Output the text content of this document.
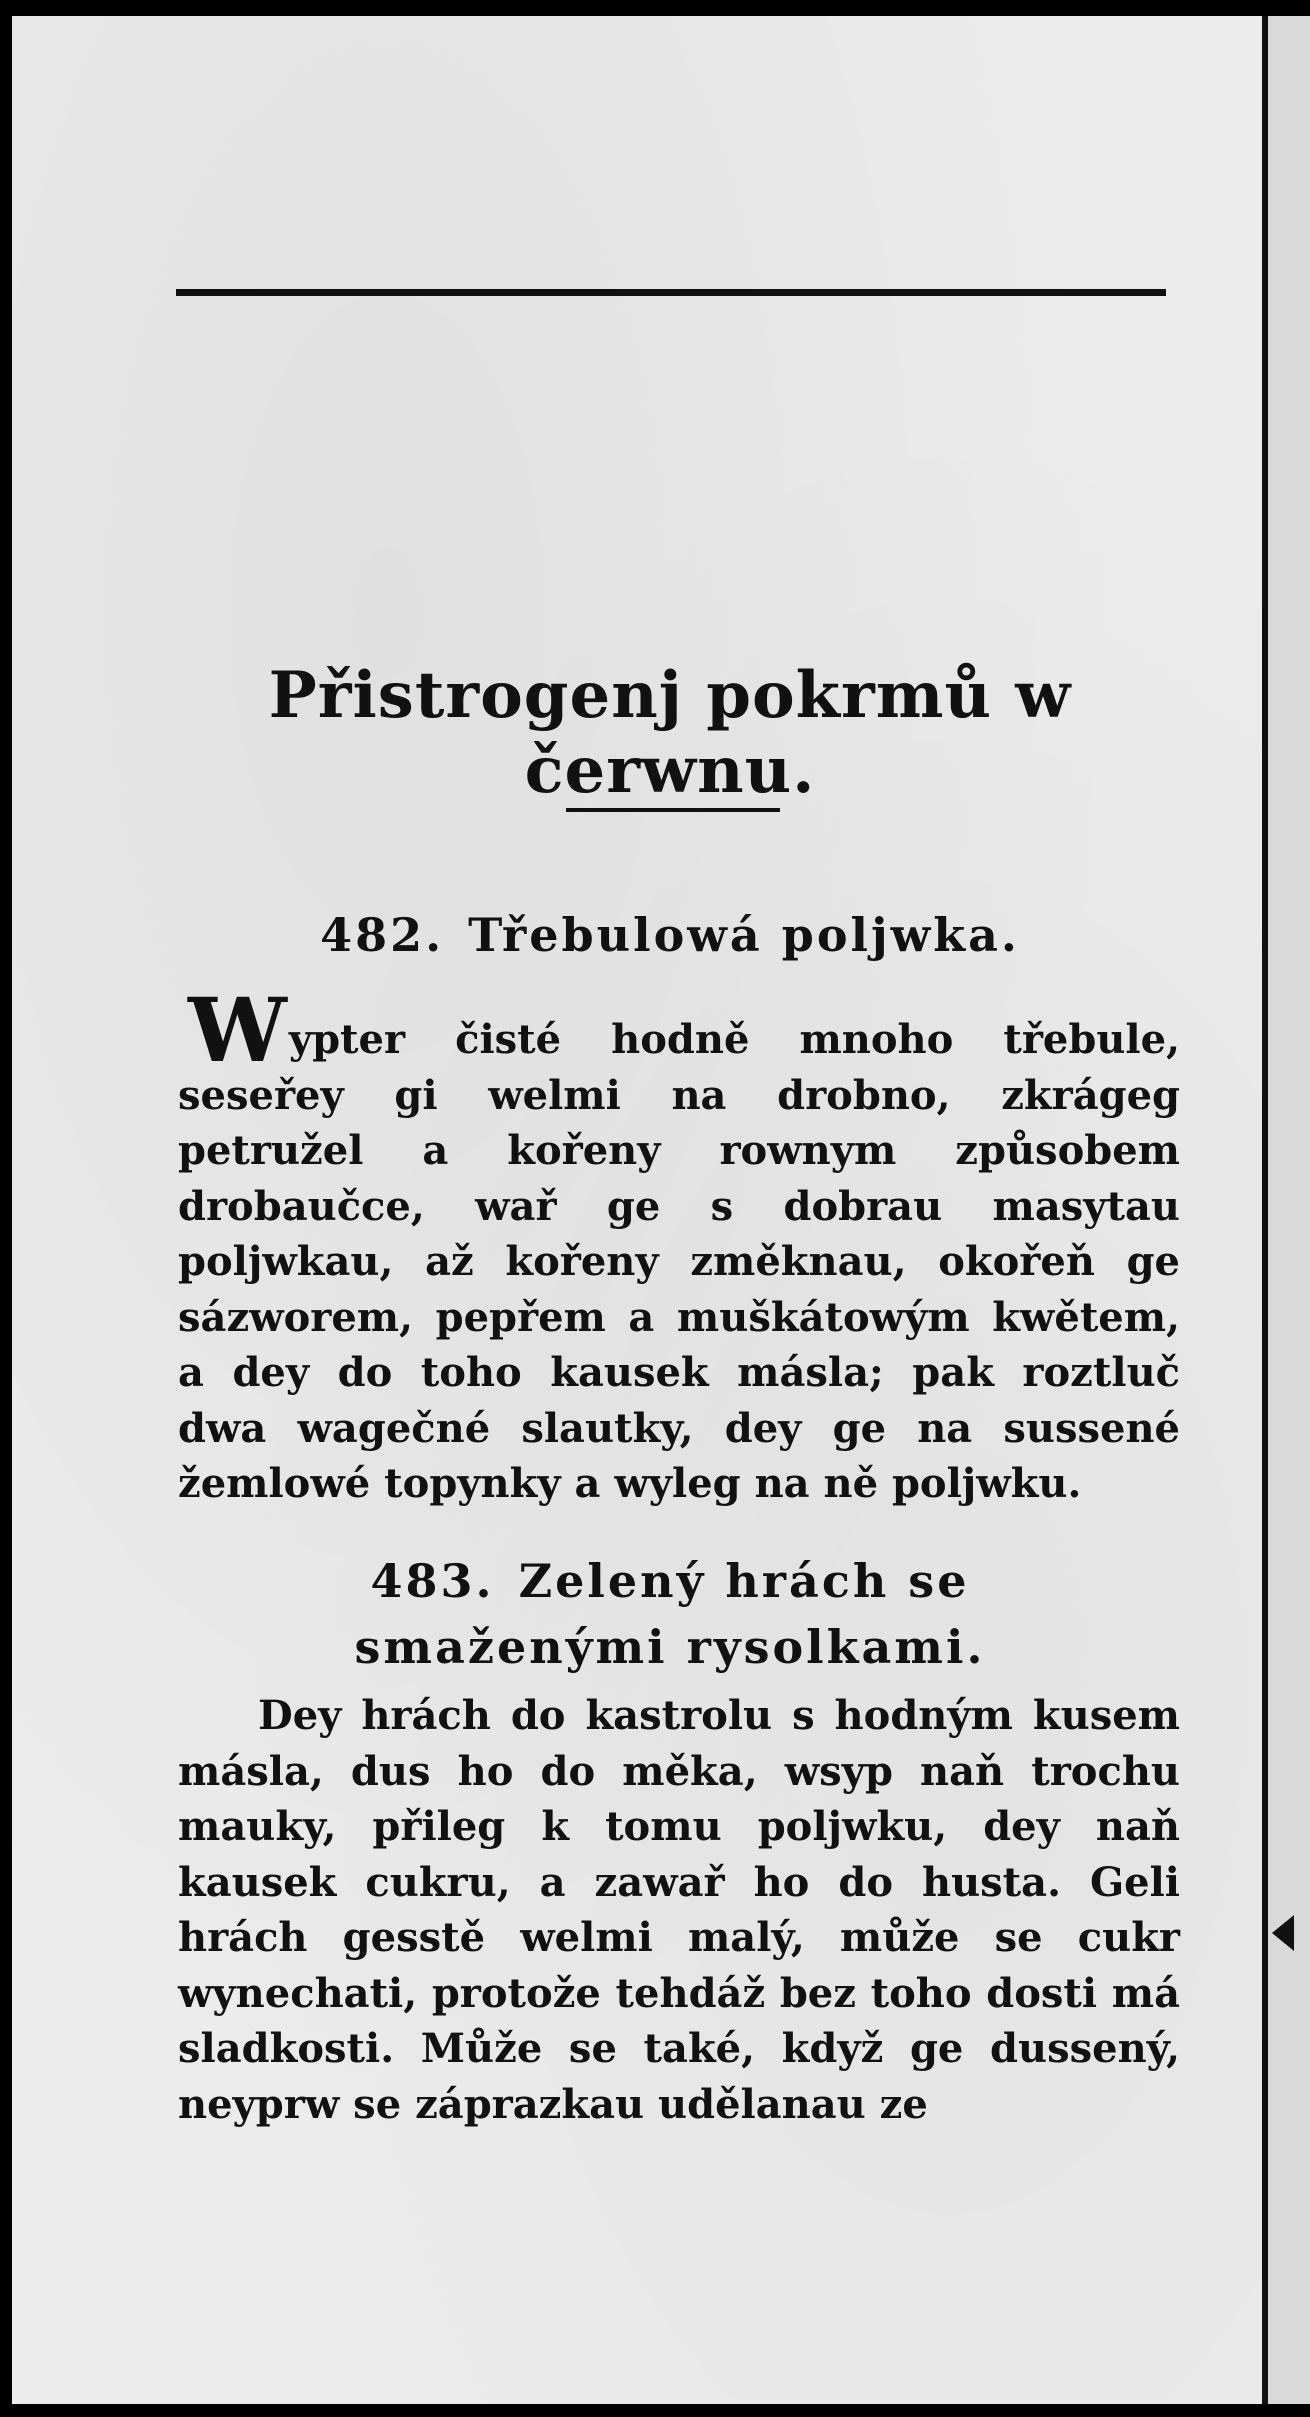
Přistrogenj pokrmů w čerwnu.
482. Třebulowá poljwka.

Wypter čisté hodně mnoho třebule, seseřey gi welmi na drobno, zkrágeg petružel a kořeny rownym způsobem drobaučce, wař ge s dobrau masytau poljwkau, až kořeny změknau, okořeň ge sázworem, pepřem a muškátowým kwětem, a dey do toho kausek másla; pak roztluč dwa wagečné slautky, dey ge na sussené žemlowé topynky a wyleg na ně poljwku.

483. Zelený hrách se smaženými rysolkami.

Dey hrách do kastrolu s hodným kusem másla, dus ho do měka, wsyp naň trochu mauky, přileg k tomu poljwku, dey naň kausek cukru, a zawař ho do husta. Geli hrách gesstě welmi malý, může se cukr wynechati, protože tehdáž bez toho dosti má sladkosti. Může se také, když ge dussený, neyprw se záprazkau udělanau ze
